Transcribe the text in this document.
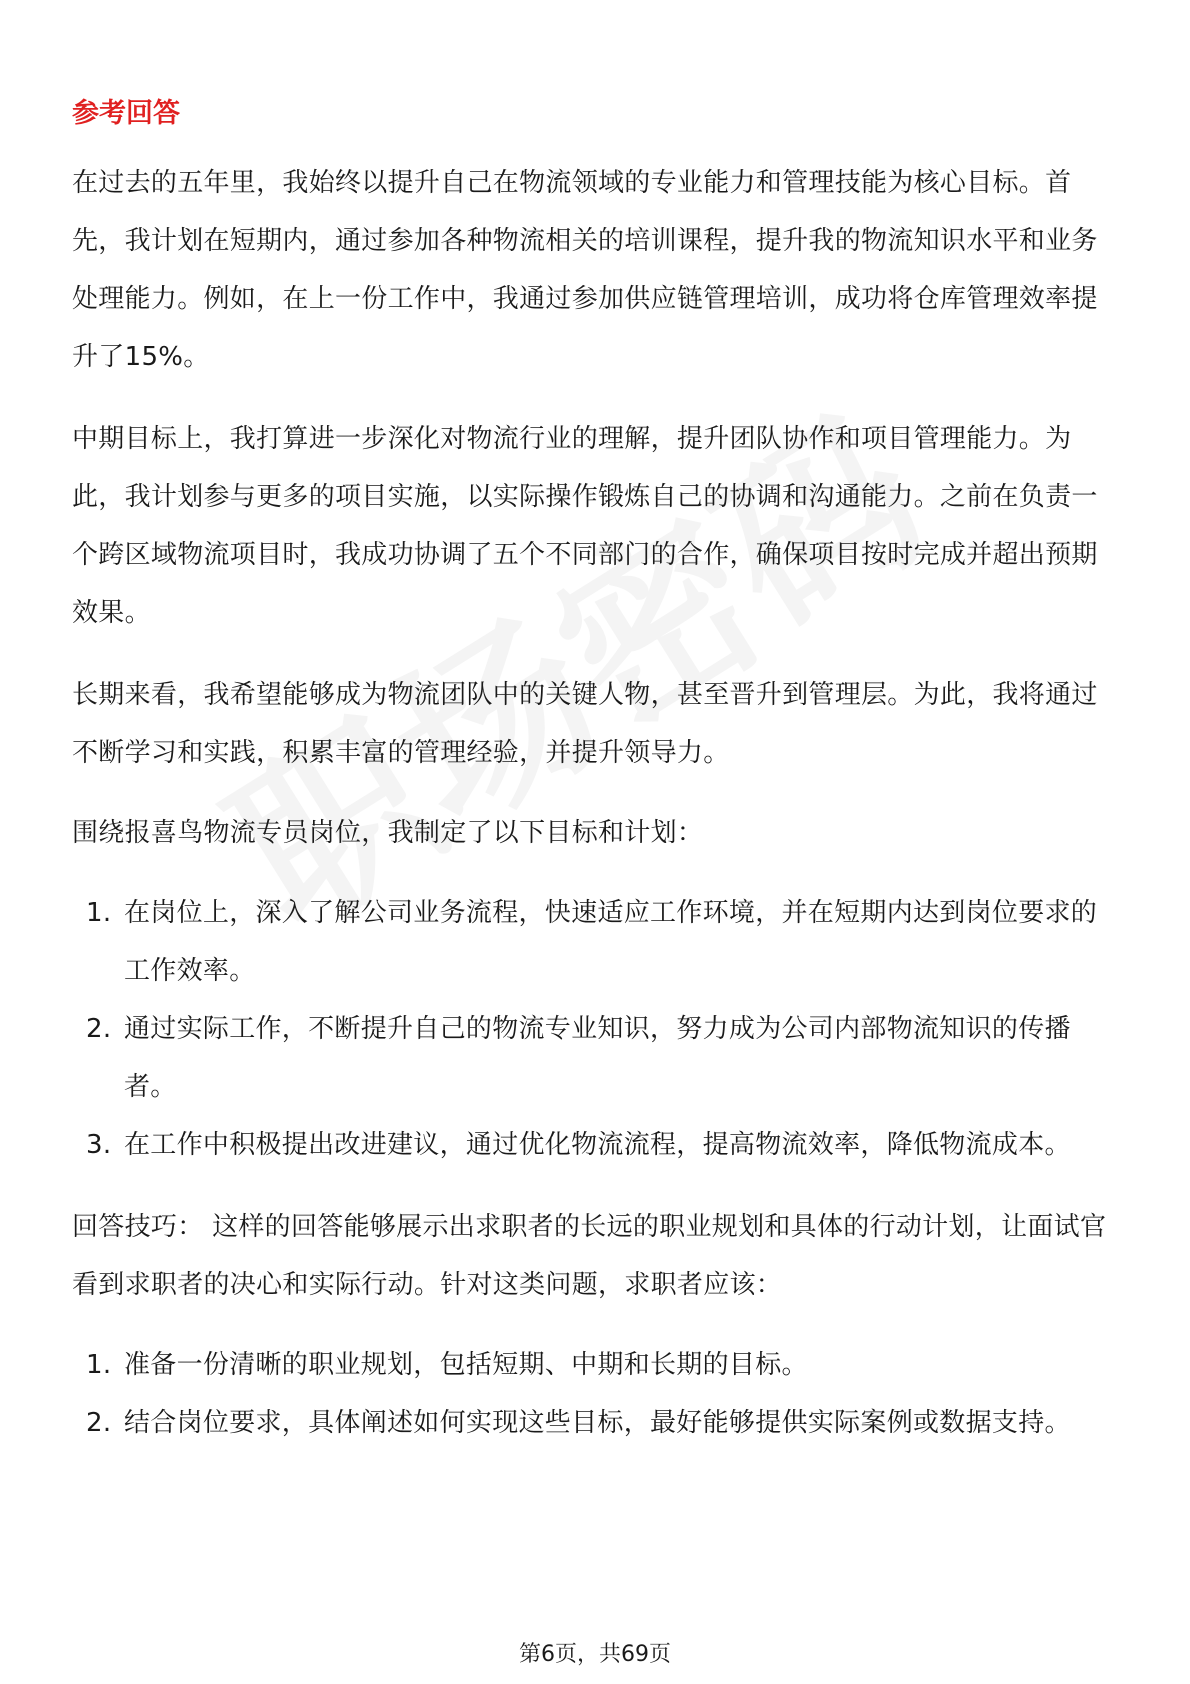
参考回答

在过去的五年里，我始终以提升自己在物流领域的专业能力和管理技能为核心目标。首先，我计划在短期内，通过参加各种物流相关的培训课程，提升我的物流知识水平和业务处理能力。例如，在上一份工作中，我通过参加供应链管理培训，成功将仓库管理效率提升了15%。

中期目标上，我打算进一步深化对物流行业的理解，提升团队协作和项目管理能力。为此，我计划参与更多的项目实施，以实际操作锻炼自己的协调和沟通能力。之前在负责一个跨区域物流项目时，我成功协调了五个不同部门的合作，确保项目按时完成并超出预期效果。

长期来看，我希望能够成为物流团队中的关键人物，甚至晋升到管理层。为此，我将通过不断学习和实践，积累丰富的管理经验，并提升领导力。

围绕报喜鸟物流专员岗位，我制定了以下目标和计划：

1. 在岗位上，深入了解公司业务流程，快速适应工作环境，并在短期内达到岗位要求的工作效率。
2. 通过实际工作，不断提升自己的物流专业知识，努力成为公司内部物流知识的传播者。
3. 在工作中积极提出改进建议，通过优化物流流程，提高物流效率，降低物流成本。

回答技巧： 这样的回答能够展示出求职者的长远的职业规划和具体的行动计划，让面试官看到求职者的决心和实际行动。针对这类问题，求职者应该：

1. 准备一份清晰的职业规划，包括短期、中期和长期的目标。
2. 结合岗位要求，具体阐述如何实现这些目标，最好能够提供实际案例或数据支持。
第6页，共69页
